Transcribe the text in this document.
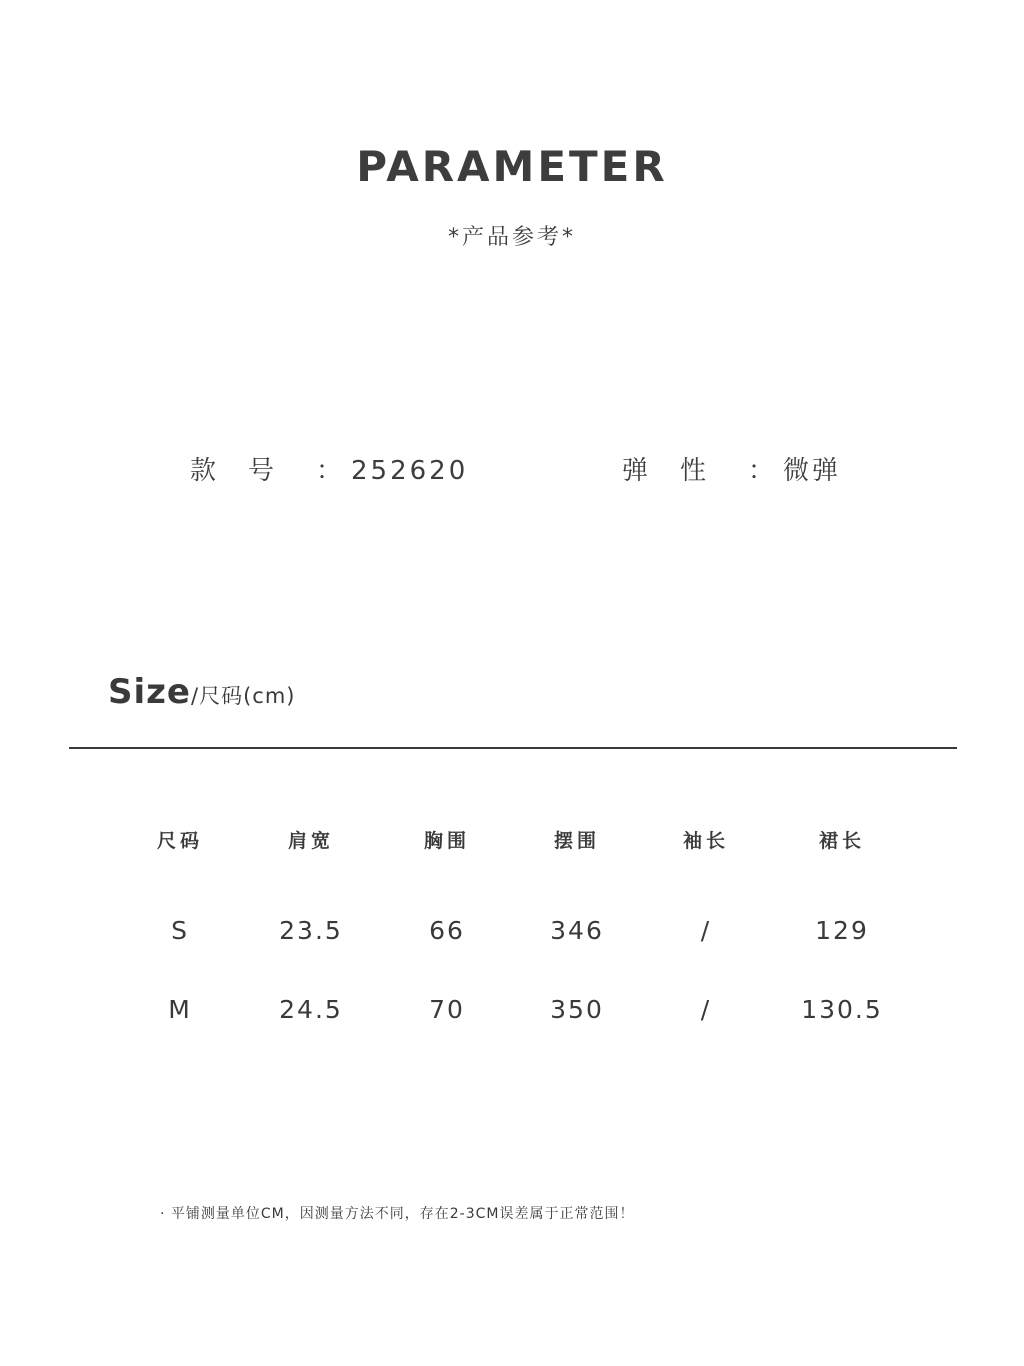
PARAMETER
*产品参考*
款　号 ： 252620	弹　性 ： 微弹
Size/尺码(cm)
尺码	肩宽	胸围	摆围	袖长	裙长
S	23.5	66	346	/	129
M	24.5	70	350	/	130.5
· 平铺测量单位CM，因测量方法不同，存在2-3CM误差属于正常范围！
